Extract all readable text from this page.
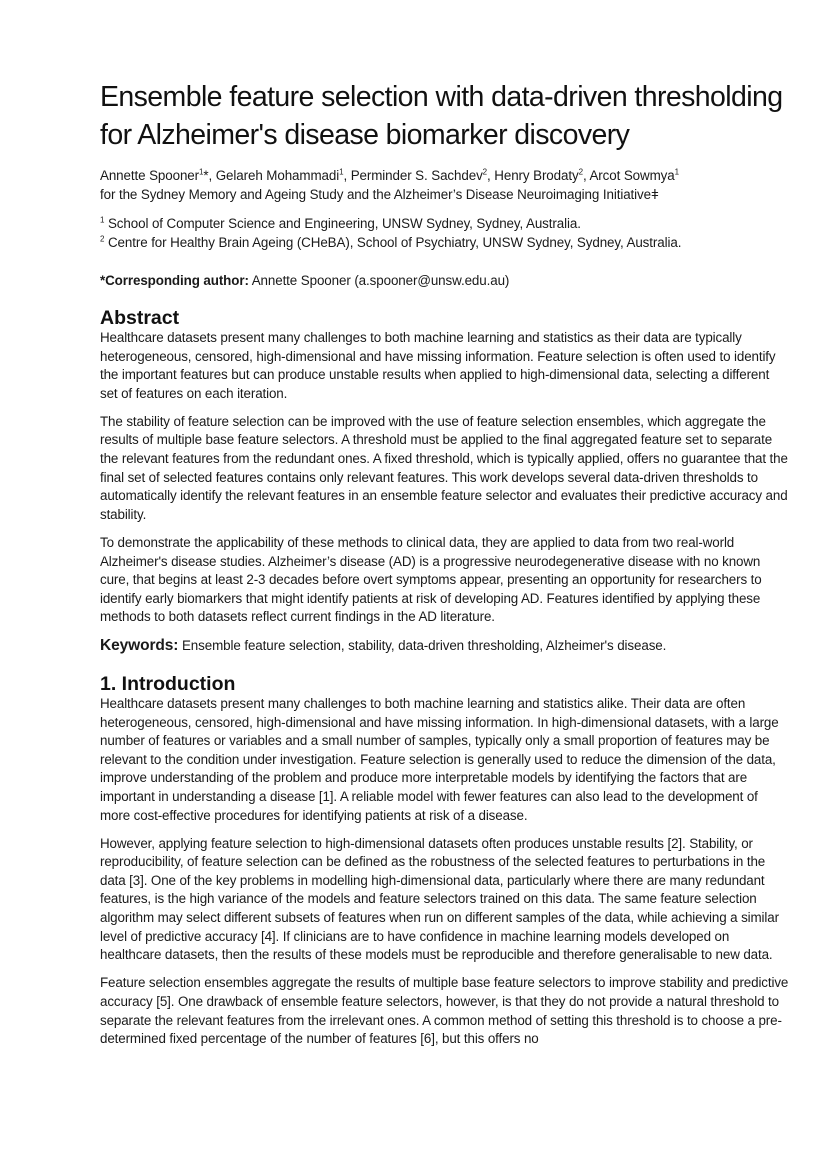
Ensemble feature selection with data-driven thresholding for Alzheimer's disease biomarker discovery
Annette Spooner$^1$*, Gelareh Mohammadi$^1$, Perminder S. Sachdev$^2$, Henry Brodaty$^2$, Arcot Sowmya$^1$
for the Sydney Memory and Ageing Study and the Alzheimer’s Disease Neuroimaging Initiativeǂ
$^1$ School of Computer Science and Engineering, UNSW Sydney, Sydney, Australia.
$^2$ Centre for Healthy Brain Ageing (CHeBA), School of Psychiatry, UNSW Sydney, Sydney, Australia.
*Corresponding author: Annette Spooner (a.spooner@unsw.edu.au)
Abstract

Healthcare datasets present many challenges to both machine learning and statistics as their data are typically heterogeneous, censored, high-dimensional and have missing information. Feature selection is often used to identify the important features but can produce unstable results when applied to high-dimensional data, selecting a different set of features on each iteration.

The stability of feature selection can be improved with the use of feature selection ensembles, which aggregate the results of multiple base feature selectors. A threshold must be applied to the final aggregated feature set to separate the relevant features from the redundant ones. A fixed threshold, which is typically applied, offers no guarantee that the final set of selected features contains only relevant features. This work develops several data-driven thresholds to automatically identify the relevant features in an ensemble feature selector and evaluates their predictive accuracy and stability.

To demonstrate the applicability of these methods to clinical data, they are applied to data from two real-world Alzheimer's disease studies. Alzheimer’s disease (AD) is a progressive neurodegenerative disease with no known cure, that begins at least 2-3 decades before overt symptoms appear, presenting an opportunity for researchers to identify early biomarkers that might identify patients at risk of developing AD. Features identified by applying these methods to both datasets reflect current findings in the AD literature.

Keywords: Ensemble feature selection, stability, data-driven thresholding, Alzheimer's disease.
1. Introduction

Healthcare datasets present many challenges to both machine learning and statistics alike. Their data are often heterogeneous, censored, high-dimensional and have missing information. In high-dimensional datasets, with a large number of features or variables and a small number of samples, typically only a small proportion of features may be relevant to the condition under investigation. Feature selection is generally used to reduce the dimension of the data, improve understanding of the problem and produce more interpretable models by identifying the factors that are important in understanding a disease [1]. A reliable model with fewer features can also lead to the development of more cost-effective procedures for identifying patients at risk of a disease.

However, applying feature selection to high-dimensional datasets often produces unstable results [2]. Stability, or reproducibility, of feature selection can be defined as the robustness of the selected features to perturbations in the data [3]. One of the key problems in modelling high-dimensional data, particularly where there are many redundant features, is the high variance of the models and feature selectors trained on this data. The same feature selection algorithm may select different subsets of features when run on different samples of the data, while achieving a similar level of predictive accuracy [4]. If clinicians are to have confidence in machine learning models developed on healthcare datasets, then the results of these models must be reproducible and therefore generalisable to new data.

Feature selection ensembles aggregate the results of multiple base feature selectors to improve stability and predictive accuracy [5]. One drawback of ensemble feature selectors, however, is that they do not provide a natural threshold to separate the relevant features from the irrelevant ones. A common method of setting this threshold is to choose a pre-determined fixed percentage of the number of features [6], but this offers no
